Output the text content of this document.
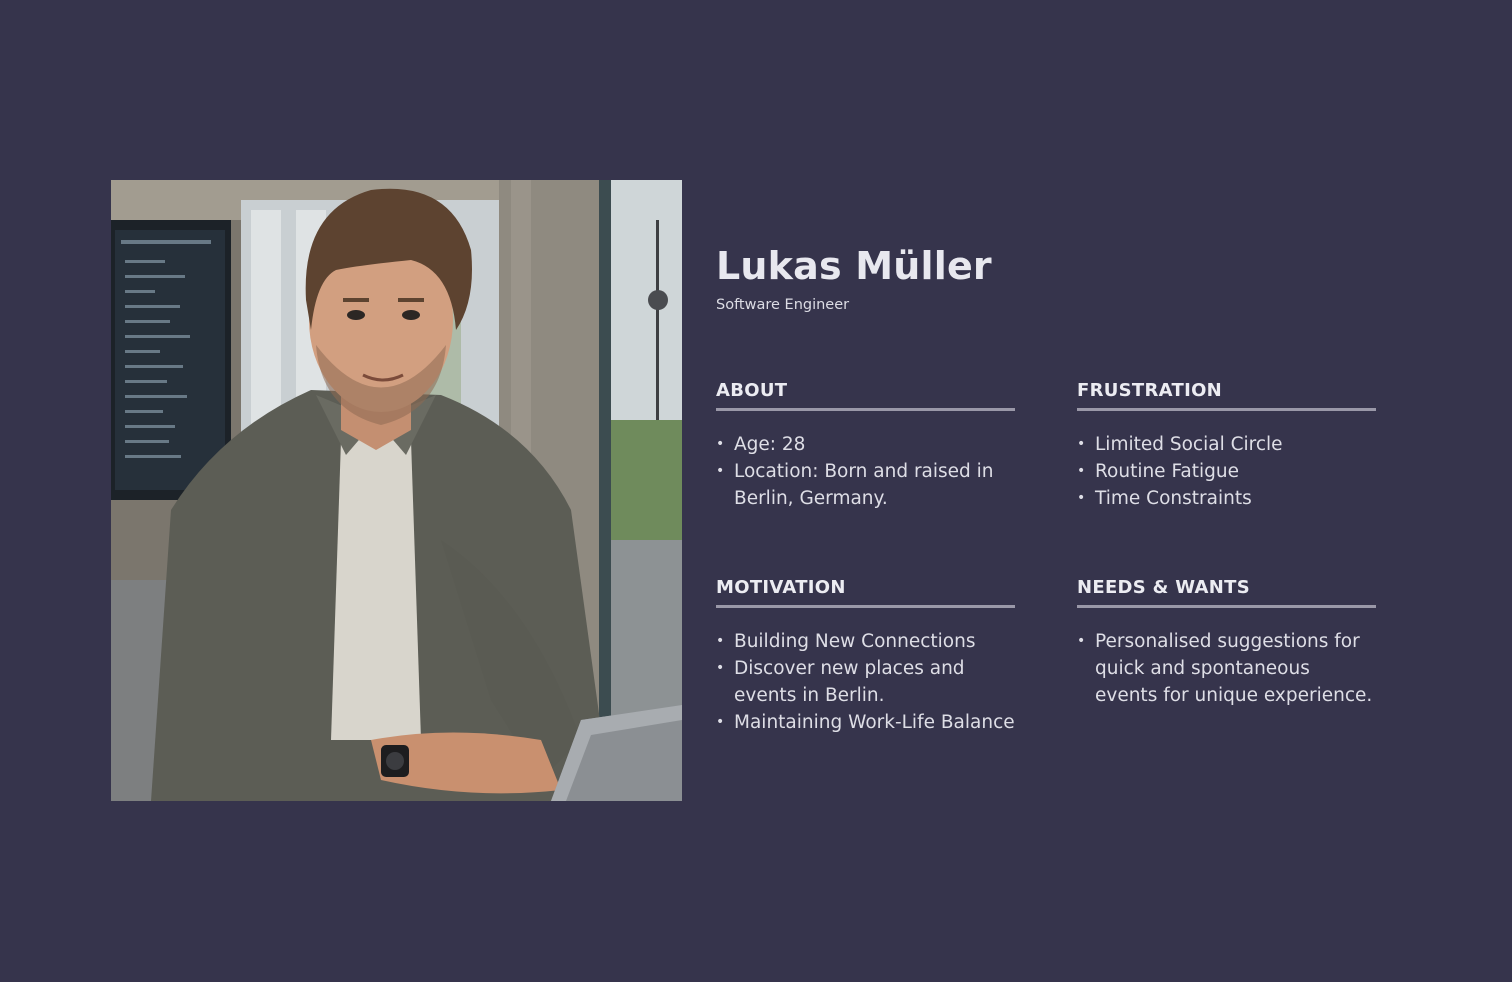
Lukas Müller
Software Engineer
ABOUT
• Age: 28
• Location: Born and raised in Berlin, Germany.
FRUSTRATION
• Limited Social Circle
• Routine Fatigue
• Time Constraints
MOTIVATION
• Building New Connections
• Discover new places and events in Berlin.
• Maintaining Work-Life Balance
NEEDS & WANTS
• Personalised suggestions for quick and spontaneous events for unique experience.
